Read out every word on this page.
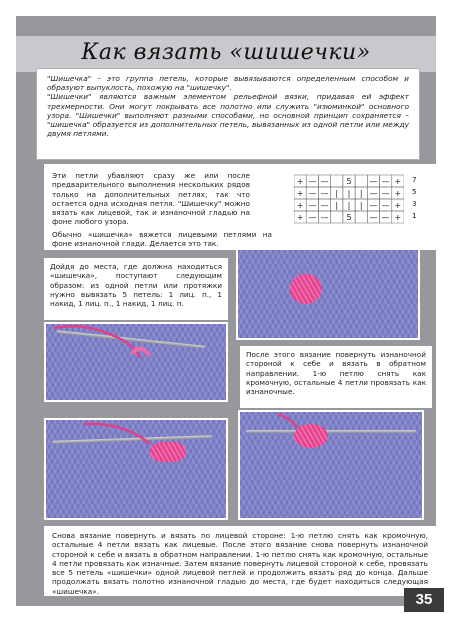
Как вязать «шишечки»

"Шишечка" – это группа петель, которые вывязываются определенным способом и образуют выпуклость, похожую на "шишечку".

"Шишечки" являются важным элементом рельефной вязки, придавая ей эффект трехмерности. Они могут покрывать все полотно или служить "изюминкой" основного узора. "Шишечки" выполняют разными способами, но основной принцип сохраняется – "шишечка" образуется из дополнительных петель, вывязанных из одной петли или между двумя петлями.

Эти петли убавляют сразу же или после предварительного выполнения нескольких рядов только на дополнительных петлях, так что остается одна исходная петля. "Шишечку" можно вязать как лицевой, так и изнаночной гладью на фоне любого узора.

Обычно «шишечка» вяжется лицевыми петлями на фоне изнаночной глади. Делается это так.

+ — — 5 — — +
+ — — | | | — — +
+ — — | | | — — +
+ — — 5 — — +
7
5
3
1

Дойдя до места, где должна находиться «шишечка», поступают следующим образом: из одной петли или протяжки нужно вывязать 5 петель: 1 лиц. п., 1 накид, 1 лиц. п., 1 накид, 1 лиц. п.

После этого вязание повернуть изнаночной стороной к себе и вязать в обратном направлении. 1-ю петлю снять как кромочную, остальные 4 петли провязать как изнаночные.

Снова вязание повернуть и вязать по лицевой стороне: 1-ю петлю снять как кромочную, остальные 4 петли вязать как лицевые. После этого вязание снова повернуть изнаночной стороной к себе и вязать в обратном направлении. 1-ю петлю снять как кромочную, остальные 4 петли провязать как изначные. Затем вязание повернуть лицевой стороной к себе, провязать все 5 петель «шишечки» одной лицевой петлей и продолжить вязать ряд до конца. Дальше продолжать вязать полотно изнаночной гладью до места, где будет находиться следующая «шишечка».	35
